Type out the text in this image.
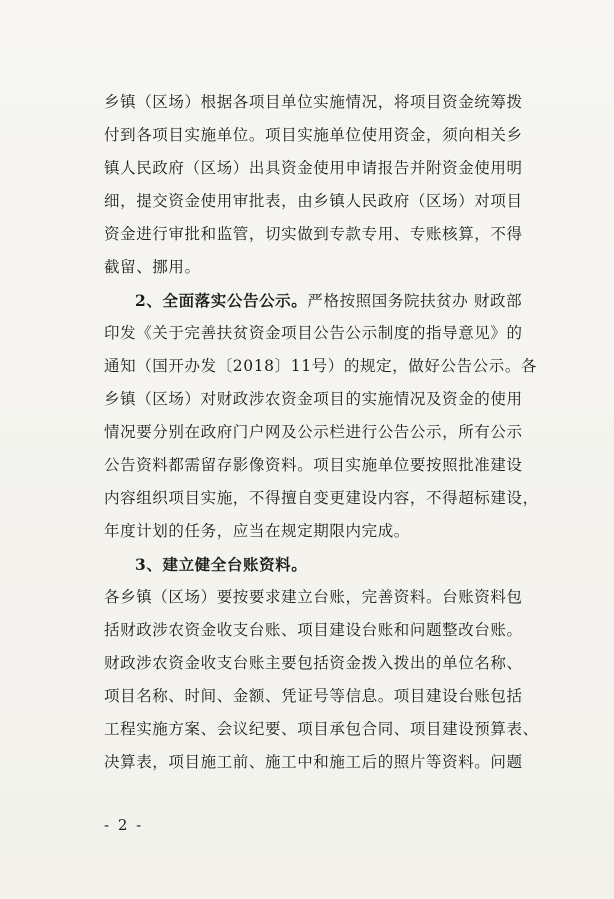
乡镇（区场）根据各项目单位实施情况，将项目资金统筹拨
付到各项目实施单位。项目实施单位使用资金，须向相关乡
镇人民政府（区场）出具资金使用申请报告并附资金使用明
细，提交资金使用审批表，由乡镇人民政府（区场）对项目
资金进行审批和监管，切实做到专款专用、专账核算，不得
截留、挪用。
2、全面落实公告公示。严格按照国务院扶贫办 财政部
印发《关于完善扶贫资金项目公告公示制度的指导意见》的
通知（国开办发〔2018〕11号）的规定，做好公告公示。各
乡镇（区场）对财政涉农资金项目的实施情况及资金的使用
情况要分别在政府门户网及公示栏进行公告公示，所有公示
公告资料都需留存影像资料。项目实施单位要按照批准建设
内容组织项目实施，不得擅自变更建设内容，不得超标建设，
年度计划的任务，应当在规定期限内完成。
3、建立健全台账资料。
各乡镇（区场）要按要求建立台账，完善资料。台账资料包
括财政涉农资金收支台账、项目建设台账和问题整改台账。
财政涉农资金收支台账主要包括资金拨入拨出的单位名称、
项目名称、时间、金额、凭证号等信息。项目建设台账包括
工程实施方案、会议纪要、项目承包合同、项目建设预算表、
决算表，项目施工前、施工中和施工后的照片等资料。问题
- 2 -
